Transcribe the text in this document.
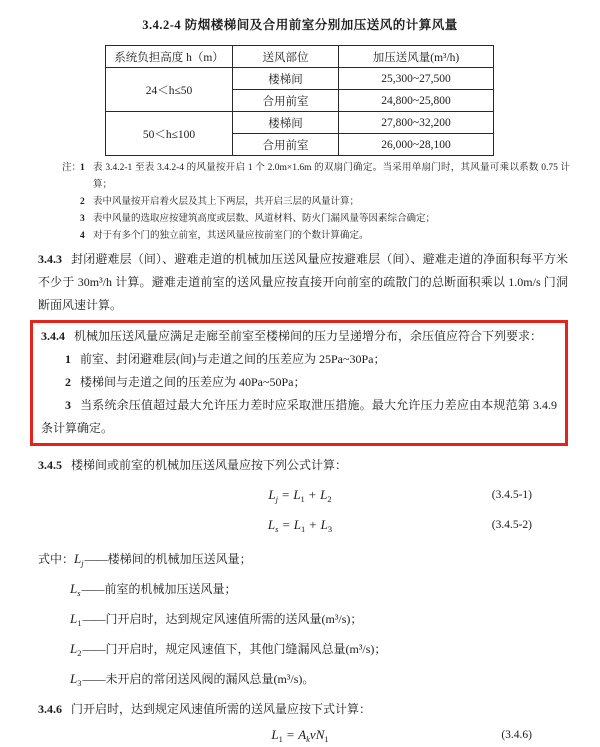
3.4.2-4 防烟楼梯间及合用前室分别加压送风的计算风量
系统负担高度 h（m）	送风部位	加压送风量(m³/h)
24＜h≤50	楼梯间	25,300~27,500
	合用前室	24,800~25,800
50＜h≤100	楼梯间	27,800~32,200
	合用前室	26,000~28,100
注：
1 表 3.4.2-1 至表 3.4.2-4 的风量按开启 1 个 2.0m×1.6m 的双扇门确定。当采用单扇门时，其风量可乘以系数 0.75 计算；
2 表中风量按开启着火层及其上下两层，共开启三层的风量计算；
3 表中风量的选取应按建筑高度或层数、风道材料、防火门漏风量等因素综合确定；
4 对于有多个门的独立前室，其送风量应按前室门的个数计算确定。

3.4.3 封闭避难层（间）、避难走道的机械加压送风量应按避难层（间）、避难走道的净面积每平方米不少于 30m³/h 计算。避难走道前室的送风量应按直接开向前室的疏散门的总断面积乘以 1.0m/s 门洞断面风速计算。

3.4.4 机械加压送风量应满足走廊至前室至楼梯间的压力呈递增分布，余压值应符合下列要求：

1 前室、封闭避难层(间)与走道之间的压差应为 25Pa~30Pa；

2 楼梯间与走道之间的压差应为 40Pa~50Pa；

3 当系统余压值超过最大允许压力差时应采取泄压措施。最大允许压力差应由本规范第 3.4.9 条计算确定。

3.4.5 楼梯间或前室的机械加压送风量应按下列公式计算：

$L_j = L_1 + L_2$	(3.4.5-1)
$L_s = L_1 + L_3$	(3.4.5-2)
式中：$L_j——$楼梯间的机械加压送风量；
$L_s——$前室的机械加压送风量；
$L_1——$门开启时，达到规定风速值所需的送风量(m³/s)；
$L_2——$门开启时，规定风速值下，其他门缝漏风总量(m³/s)；
$L_3——$未开启的常闭送风阀的漏风总量(m³/s)。

3.4.6 门开启时，达到规定风速值所需的送风量应按下式计算：

$L_1 = A_kvN_1$	(3.4.6)
